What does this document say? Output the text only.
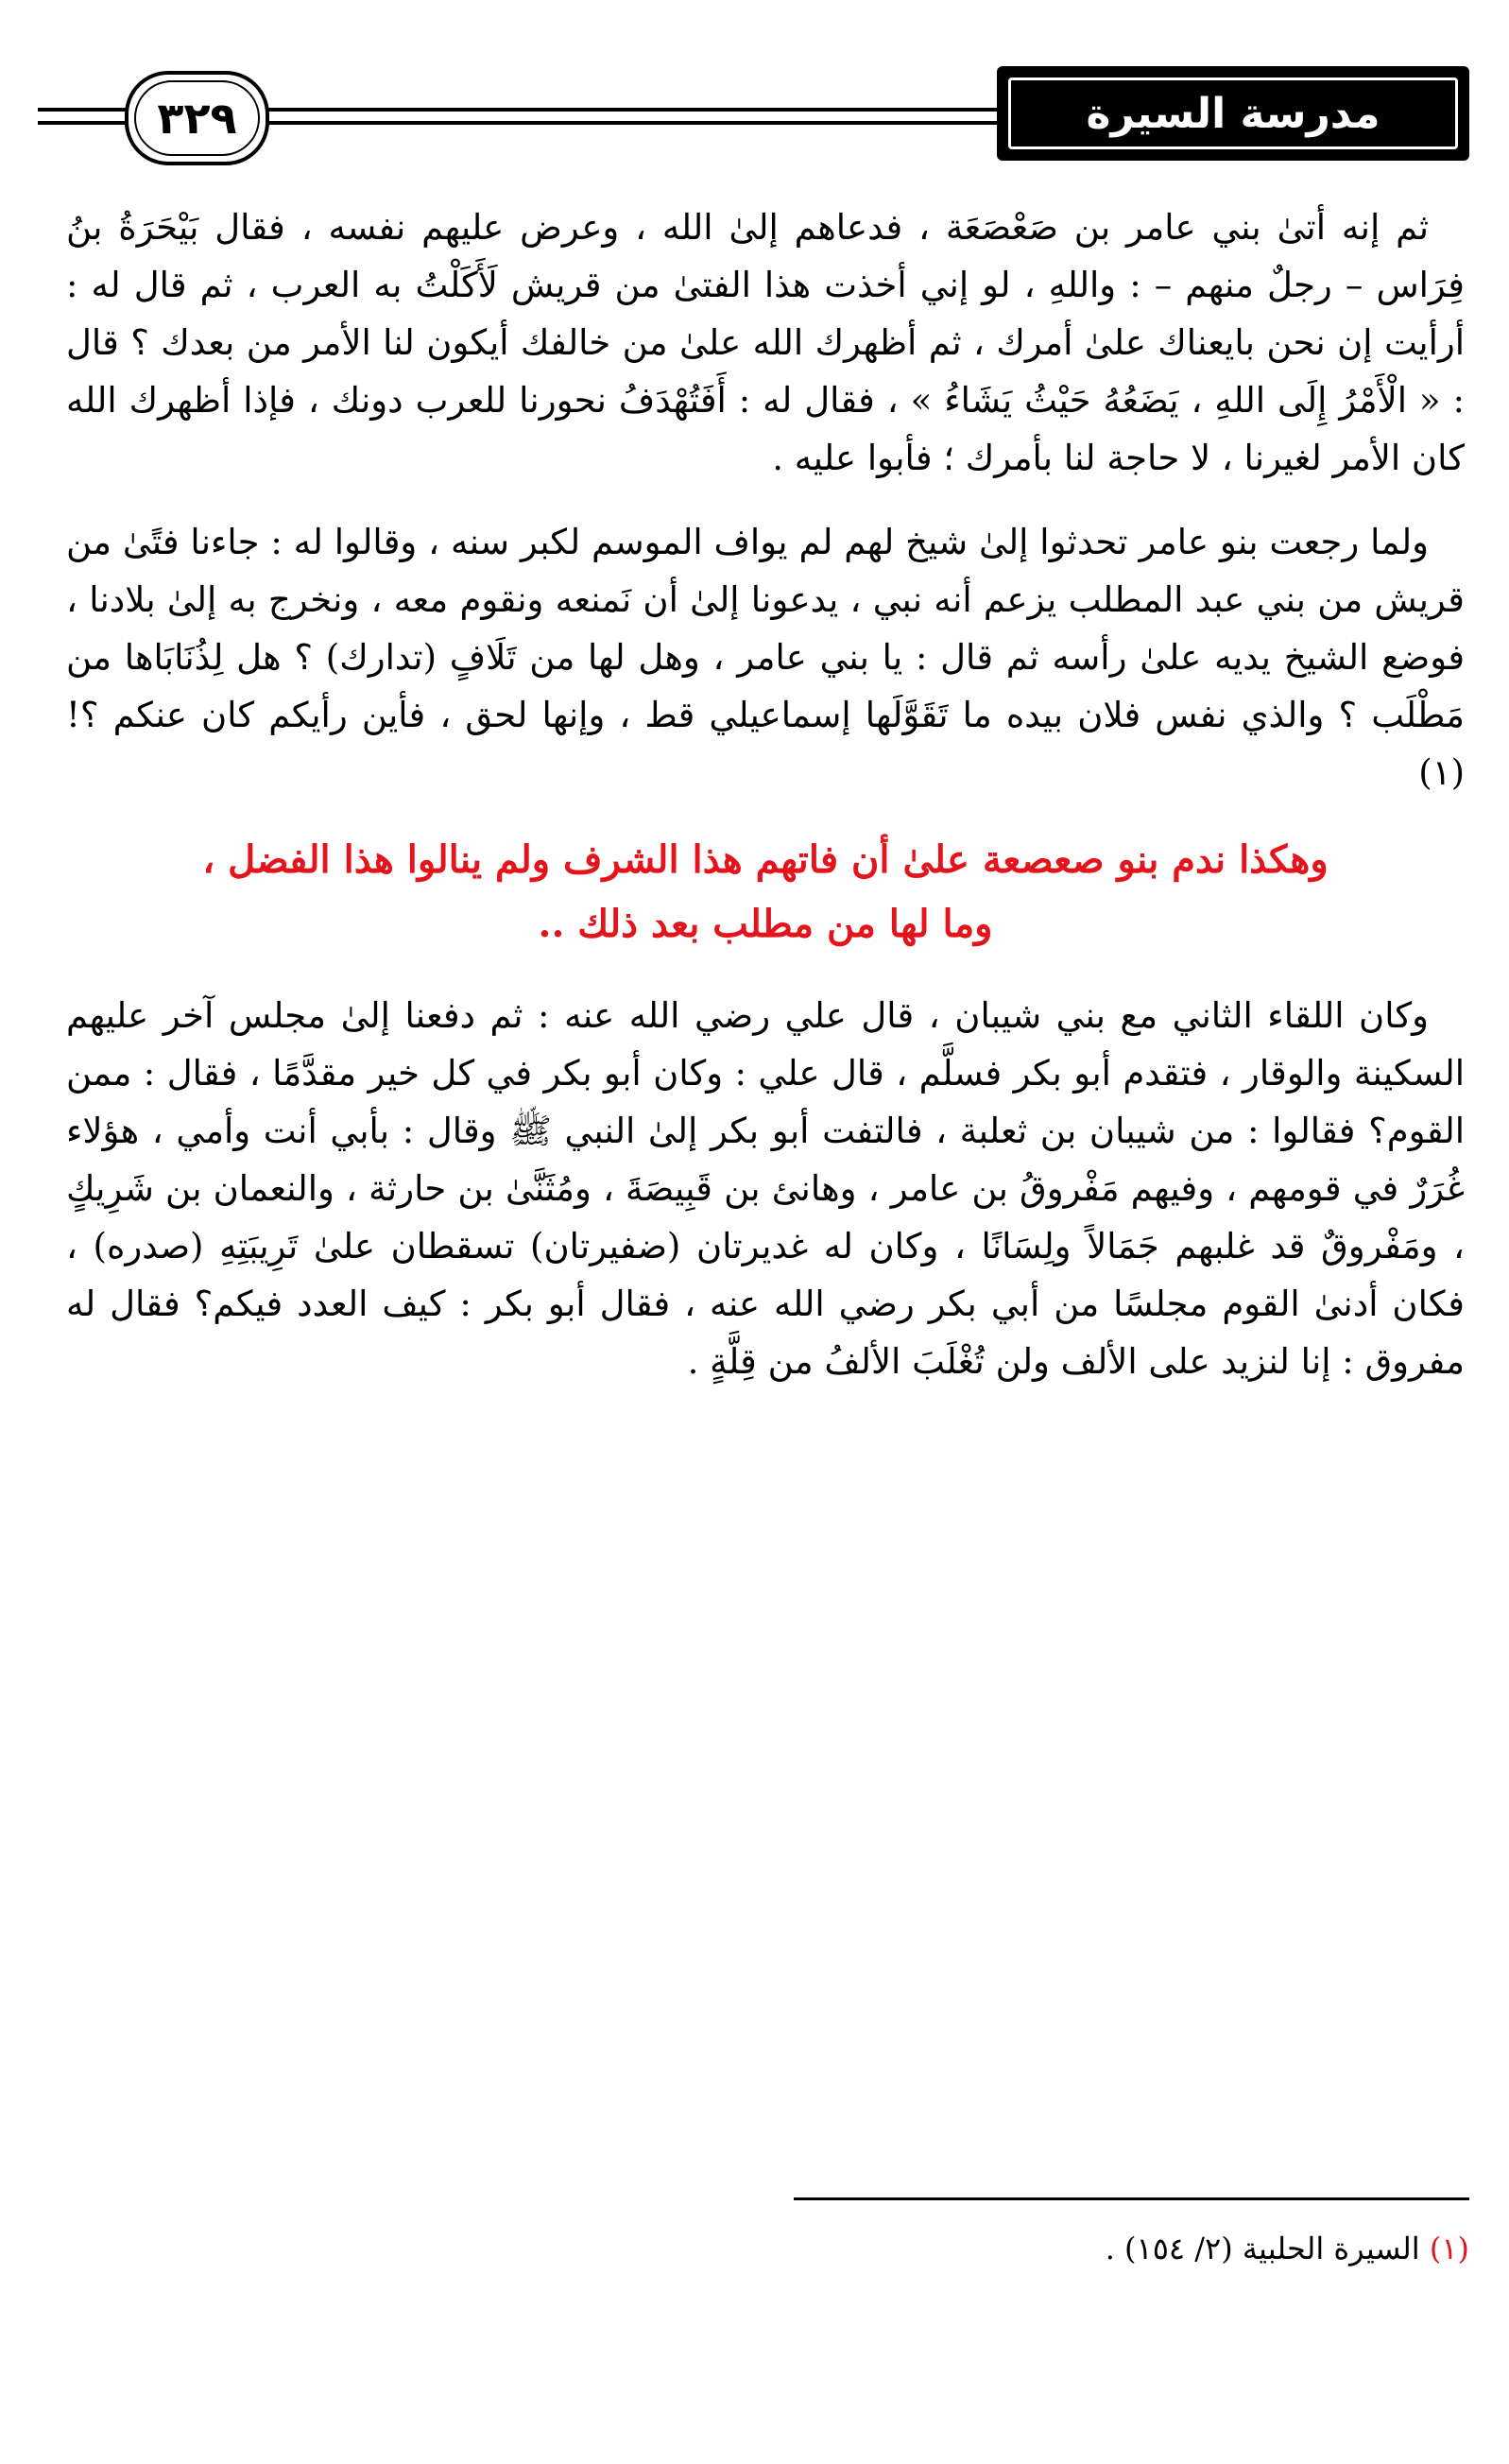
٣٢٩	مدرسة السيرة

ثم إنه أتىٰ بني عامر بن صَعْصَعَة ، فدعاهم إلىٰ الله ، وعرض عليهم نفسه ، فقال بَيْحَرَةُ بنُ فِرَاس – رجلٌ منهم – : واللهِ ، لو إني أخذت هذا الفتىٰ من قريش لَأَكَلْتُ به العرب ، ثم قال له : أرأيت إن نحن بايعناك علىٰ أمرك ، ثم أظهرك الله علىٰ من خالفك أيكون لنا الأمر من بعدك ؟ قال : « الْأَمْرُ إِلَى اللهِ ، يَضَعُهُ حَيْثُ يَشَاءُ » ، فقال له : أَفَتُهْدَفُ نحورنا للعرب دونك ، فإذا أظهرك الله كان الأمر لغيرنا ، لا حاجة لنا بأمرك ؛ فأبوا عليه .

ولما رجعت بنو عامر تحدثوا إلىٰ شيخ لهم لم يواف الموسم لكبر سنه ، وقالوا له : جاءنا فتًىٰ من قريش من بني عبد المطلب يزعم أنه نبي ، يدعونا إلىٰ أن نَمنعه ونقوم معه ، ونخرج به إلىٰ بلادنا ، فوضع الشيخ يديه علىٰ رأسه ثم قال : يا بني عامر ، وهل لها من تَلَافٍ (تدارك) ؟ هل لِذُنَابَاها من مَطْلَب ؟ والذي نفس فلان بيده ما تَقَوَّلَها إسماعيلي قط ، وإنها لحق ، فأين رأيكم كان عنكم ؟! (١)

وهكذا ندم بنو صعصعة علىٰ أن فاتهم هذا الشرف ولم ينالوا هذا الفضل ،
وما لها من مطلب بعد ذلك ..

وكان اللقاء الثاني مع بني شيبان ، قال علي رضي الله عنه : ثم دفعنا إلىٰ مجلس آخر عليهم السكينة والوقار ، فتقدم أبو بكر فسلَّم ، قال علي : وكان أبو بكر في كل خير مقدَّمًا ، فقال : ممن القوم؟ فقالوا : من شيبان بن ثعلبة ، فالتفت أبو بكر إلىٰ النبي ﷺ وقال : بأبي أنت وأمي ، هؤلاء غُرَرٌ في قومهم ، وفيهم مَفْروقُ بن عامر ، وهانئ بن قَبِيصَةَ ، ومُثَنَّىٰ بن حارثة ، والنعمان بن شَرِيكٍ ، ومَفْروقٌ قد غلبهم جَمَالاً ولِسَانًا ، وكان له غديرتان (ضفيرتان) تسقطان علىٰ تَرِيبَتِهِ (صدره) ، فكان أدنىٰ القوم مجلسًا من أبي بكر رضي الله عنه ، فقال أبو بكر : كيف العدد فيكم؟ فقال له مفروق : إنا لنزيد على الألف ولن تُغْلَبَ الألفُ من قِلَّةٍ .

(١) السيرة الحلبية (٢/ ١٥٤) .
